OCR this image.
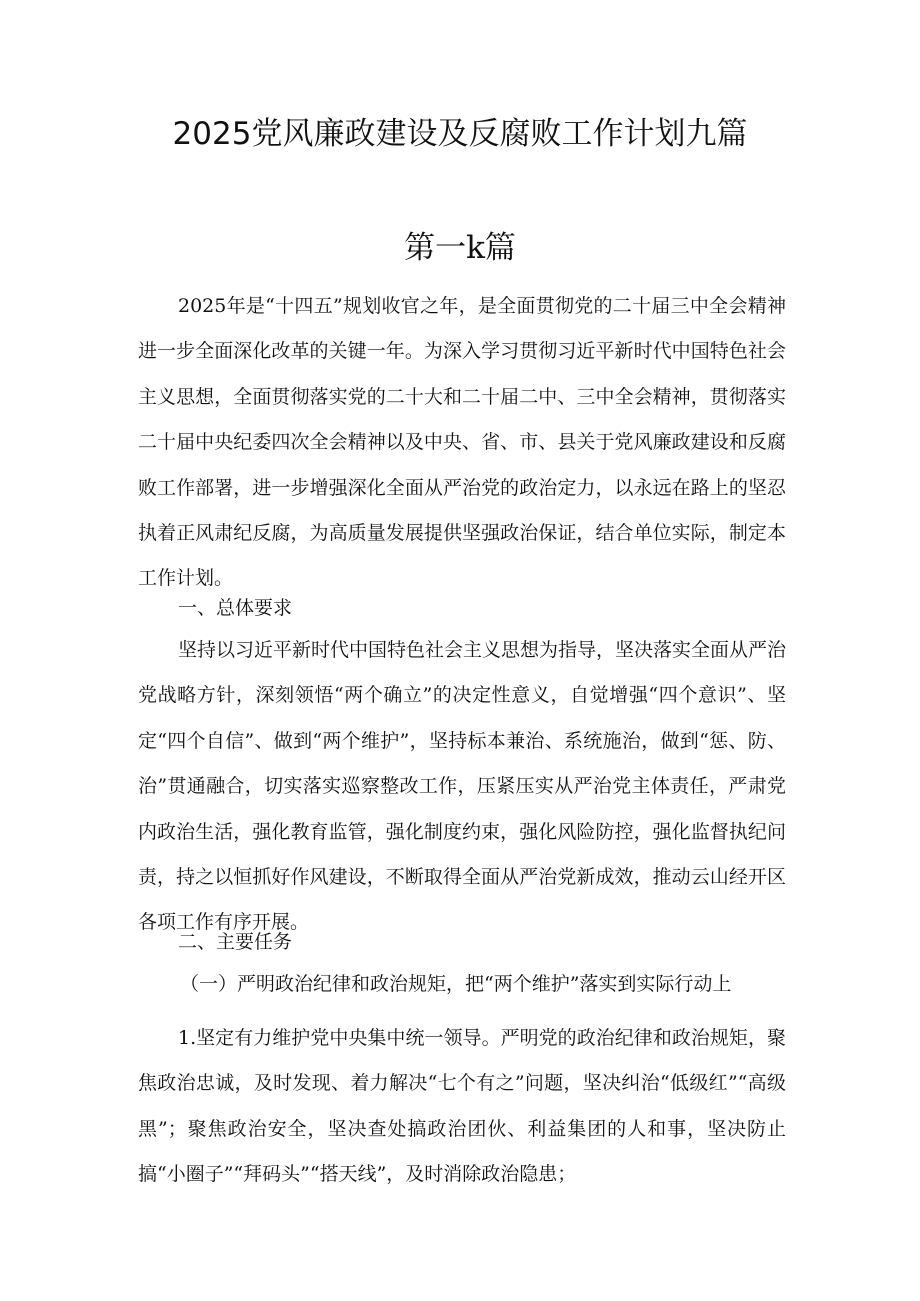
2025党风廉政建设及反腐败工作计划九篇
第一k篇
2025年是“十四五”规划收官之年，是全面贯彻党的二十届三中全会精神进一步全面深化改革的关键一年。为深入学习贯彻习近平新时代中国特色社会主义思想，全面贯彻落实党的二十大和二十届二中、三中全会精神，贯彻落实二十届中央纪委四次全会精神以及中央、省、市、县关于党风廉政建设和反腐败工作部署，进一步增强深化全面从严治党的政治定力，以永远在路上的坚忍执着正风肃纪反腐，为高质量发展提供坚强政治保证，结合单位实际，制定本工作计划。
一、总体要求
坚持以习近平新时代中国特色社会主义思想为指导，坚决落实全面从严治党战略方针，深刻领悟“两个确立”的决定性意义，自觉增强“四个意识”、坚定“四个自信”、做到“两个维护”，坚持标本兼治、系统施治，做到“惩、防、治”贯通融合，切实落实巡察整改工作，压紧压实从严治党主体责任，严肃党内政治生活，强化教育监管，强化制度约束，强化风险防控，强化监督执纪问责，持之以恒抓好作风建设，不断取得全面从严治党新成效，推动云山经开区各项工作有序开展。
二、主要任务
（一）严明政治纪律和政治规矩，把“两个维护”落实到实际行动上
1.坚定有力维护党中央集中统一领导。严明党的政治纪律和政治规矩，聚焦政治忠诚，及时发现、着力解决“七个有之”问题，坚决纠治“低级红”“高级黑”；聚焦政治安全，坚决查处搞政治团伙、利益集团的人和事，坚决防止搞“小圈子”“拜码头”“搭天线”，及时消除政治隐患；
